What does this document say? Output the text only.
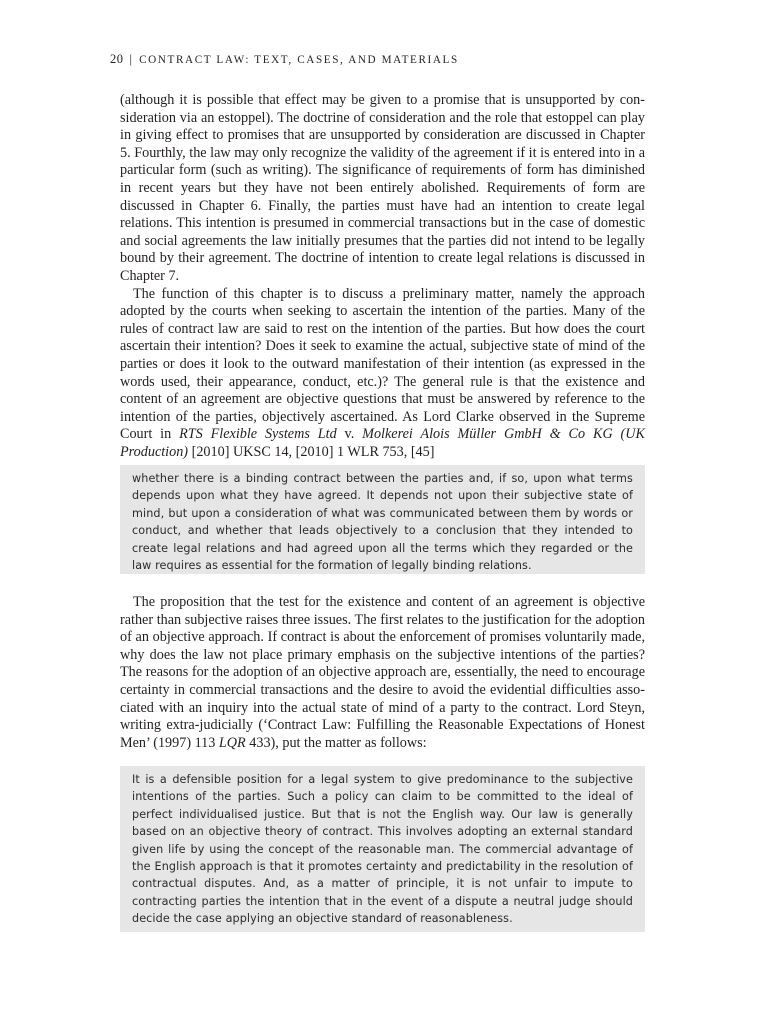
20 | CONTRACT LAW: TEXT, CASES, AND MATERIALS

(although it is possible that effect may be given to a promise that is unsupported by consideration via an estoppel). The doctrine of consideration and the role that estoppel can play in giving effect to promises that are unsupported by consideration are discussed in Chapter 5. Fourthly, the law may only recognize the validity of the agreement if it is entered into in a particular form (such as writing). The significance of requirements of form has diminished in recent years but they have not been entirely abolished. Requirements of form are discussed in Chapter 6. Finally, the parties must have had an intention to create legal relations. This intention is presumed in commercial transactions but in the case of domestic and social agreements the law initially presumes that the parties did not intend to be legally bound by their agreement. The doctrine of intention to create legal relations is discussed in Chapter 7.

The function of this chapter is to discuss a preliminary matter, namely the approach adopted by the courts when seeking to ascertain the intention of the parties. Many of the rules of contract law are said to rest on the intention of the parties. But how does the court ascertain their intention? Does it seek to examine the actual, subjective state of mind of the parties or does it look to the outward manifestation of their intention (as expressed in the words used, their appearance, conduct, etc.)? The general rule is that the existence and content of an agreement are objective questions that must be answered by reference to the intention of the parties, objectively ascertained. As Lord Clarke observed in the Supreme Court in RTS Flexible Systems Ltd v. Molkerei Alois Müller GmbH & Co KG (UK Production) [2010] UKSC 14, [2010] 1 WLR 753, [45]

whether there is a binding contract between the parties and, if so, upon what terms depends upon what they have agreed. It depends not upon their subjective state of mind, but upon a consideration of what was communicated between them by words or conduct, and whether that leads objectively to a conclusion that they intended to create legal relations and had agreed upon all the terms which they regarded or the law requires as essential for the formation of legally binding relations.

The proposition that the test for the existence and content of an agreement is objective rather than subjective raises three issues. The first relates to the justification for the adoption of an objective approach. If contract is about the enforcement of promises voluntarily made, why does the law not place primary emphasis on the subjective intentions of the parties? The reasons for the adoption of an objective approach are, essentially, the need to encourage certainty in commercial transactions and the desire to avoid the evidential difficulties associated with an inquiry into the actual state of mind of a party to the contract. Lord Steyn, writing extra-judicially (‘Contract Law: Fulfilling the Reasonable Expectations of Honest Men’ (1997) 113 LQR 433), put the matter as follows:

It is a defensible position for a legal system to give predominance to the subjective intentions of the parties. Such a policy can claim to be committed to the ideal of perfect individualised justice. But that is not the English way. Our law is generally based on an objective theory of contract. This involves adopting an external standard given life by using the concept of the reasonable man. The commercial advantage of the English approach is that it promotes certainty and predictability in the resolution of contractual disputes. And, as a matter of principle, it is not unfair to impute to contracting parties the intention that in the event of a dispute a neutral judge should decide the case applying an objective standard of reasonableness.
